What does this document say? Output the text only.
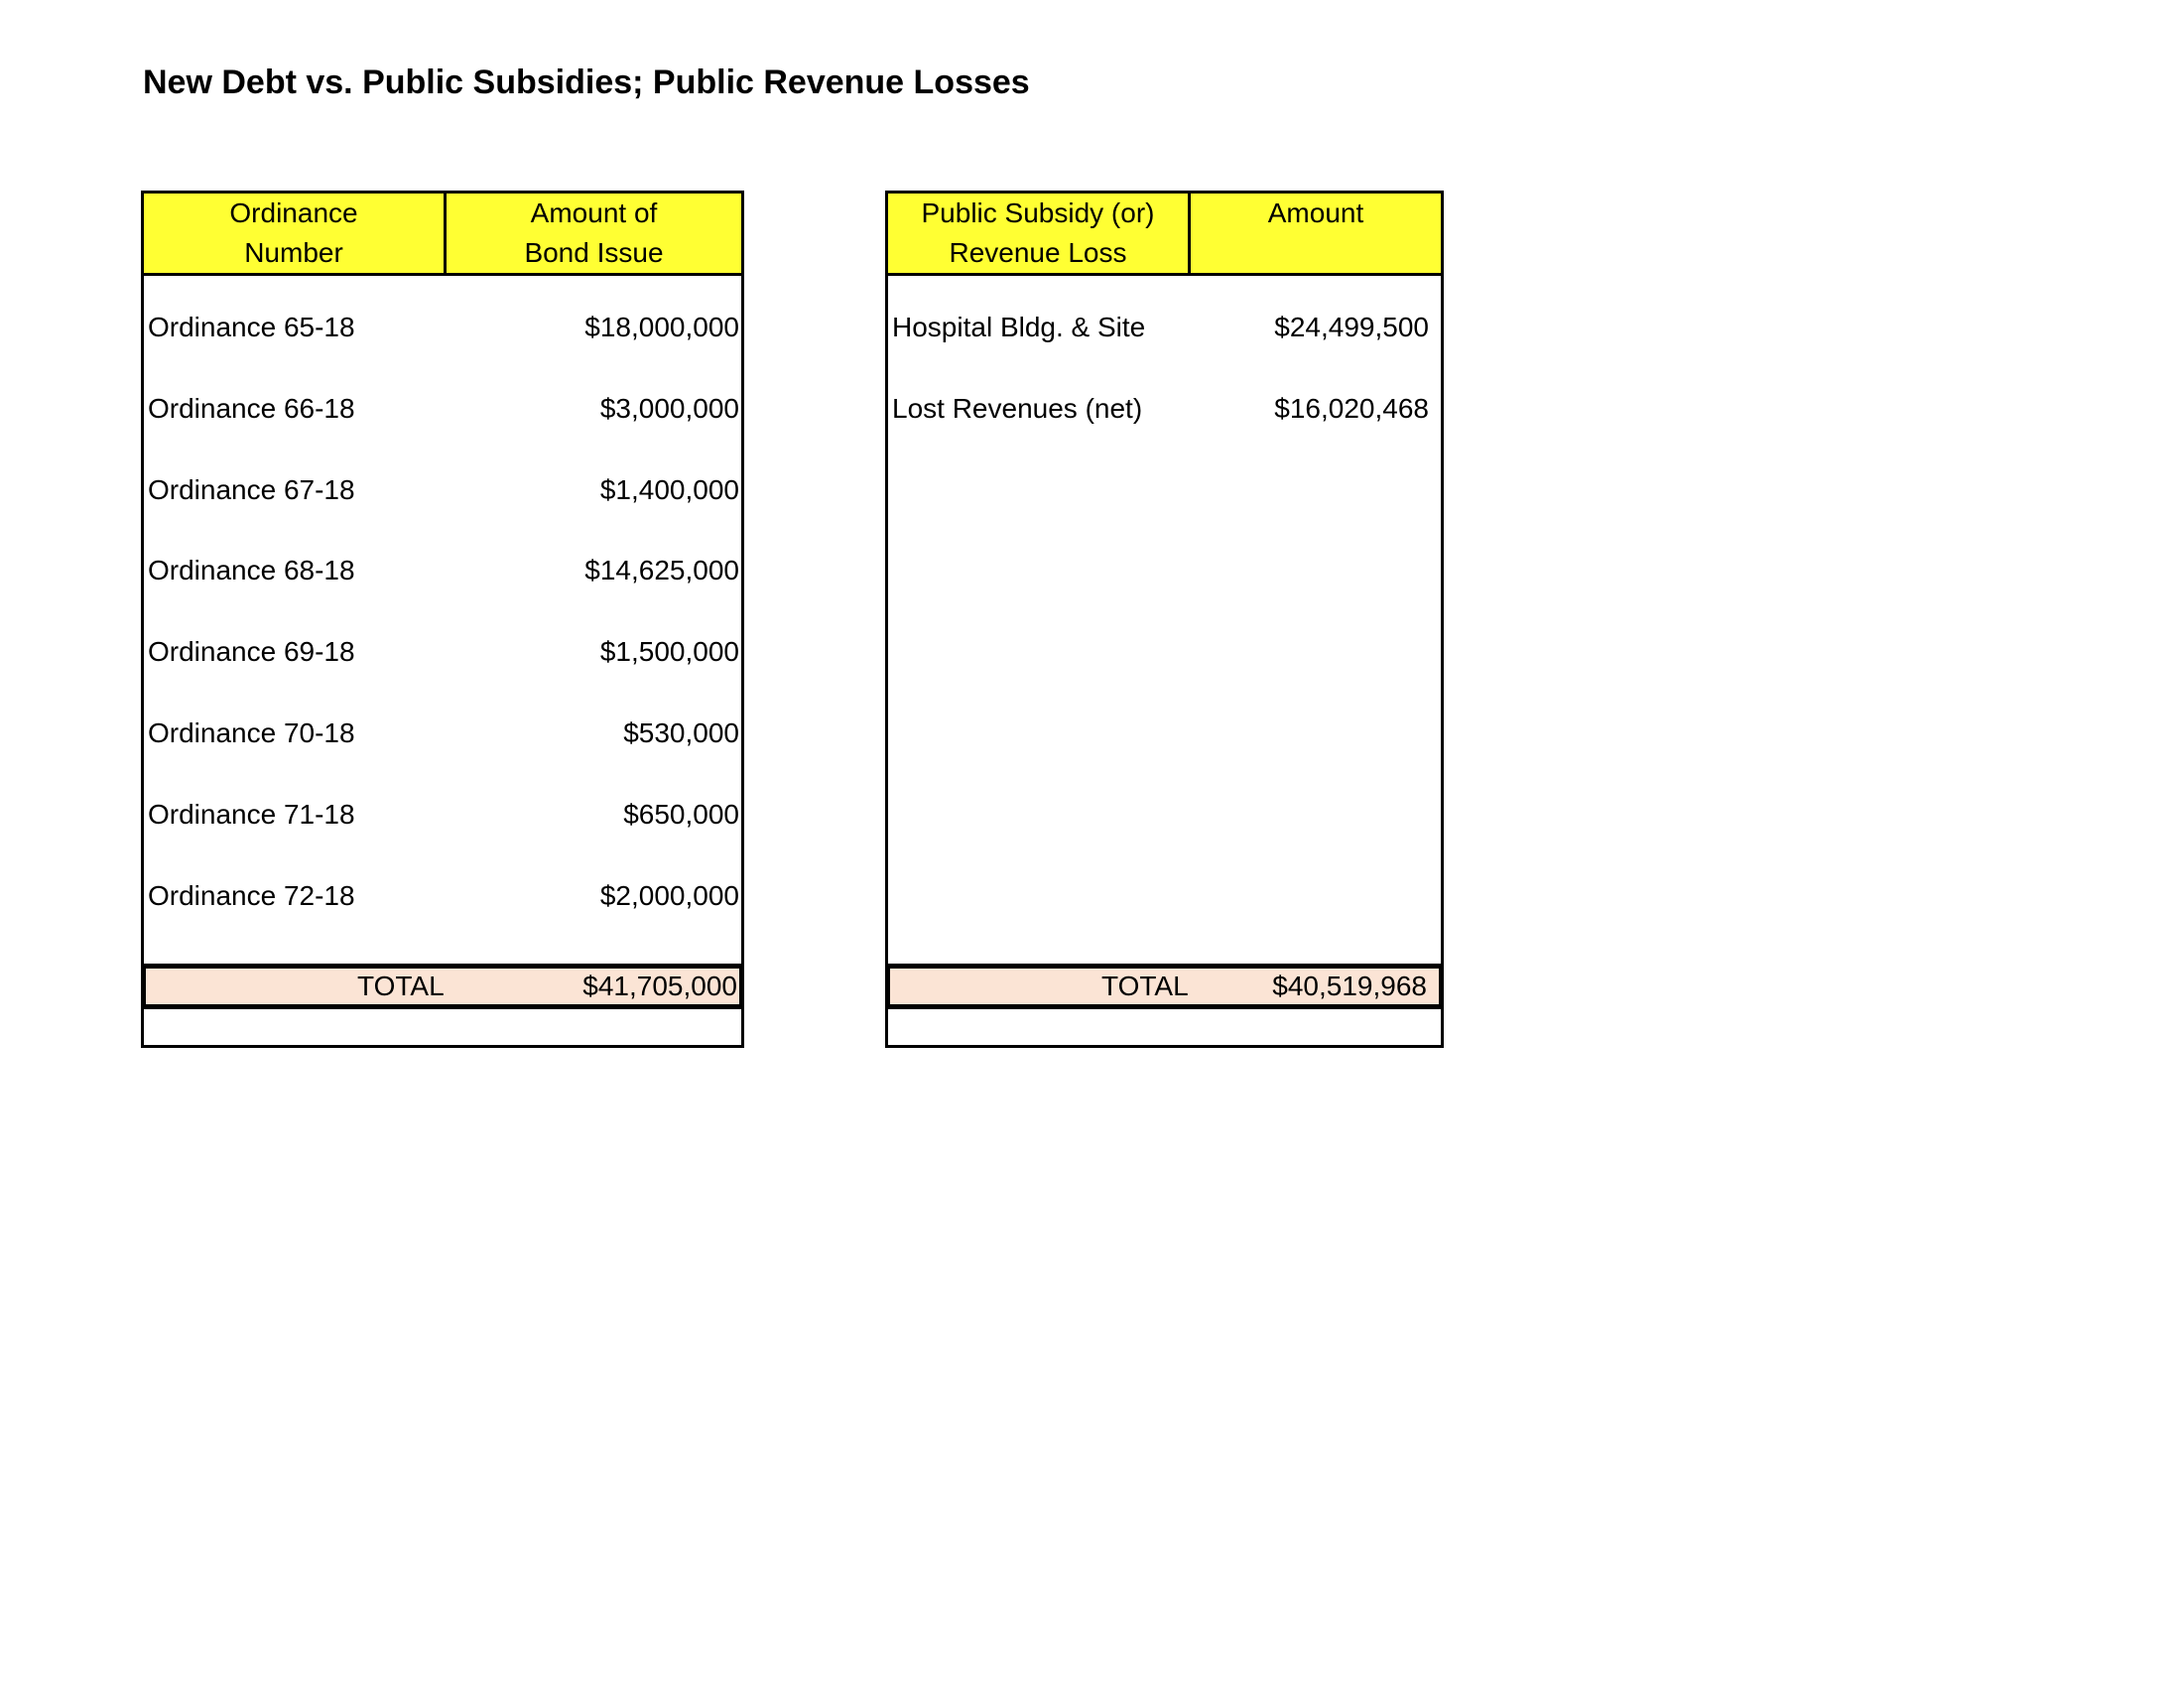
New Debt vs. Public Subsidies; Public Revenue Losses
Ordinance
Number
Amount of
Bond Issue
Ordinance 65-18	$18,000,000
Ordinance 66-18	$3,000,000
Ordinance 67-18	$1,400,000
Ordinance 68-18	$14,625,000
Ordinance 69-18	$1,500,000
Ordinance 70-18	$530,000
Ordinance 71-18	$650,000
Ordinance 72-18	$2,000,000
TOTAL	$41,705,000
Public Subsidy (or)
Revenue Loss
Amount
Hospital Bldg. & Site	$24,499,500
Lost Revenues (net)	$16,020,468
TOTAL	$40,519,968
